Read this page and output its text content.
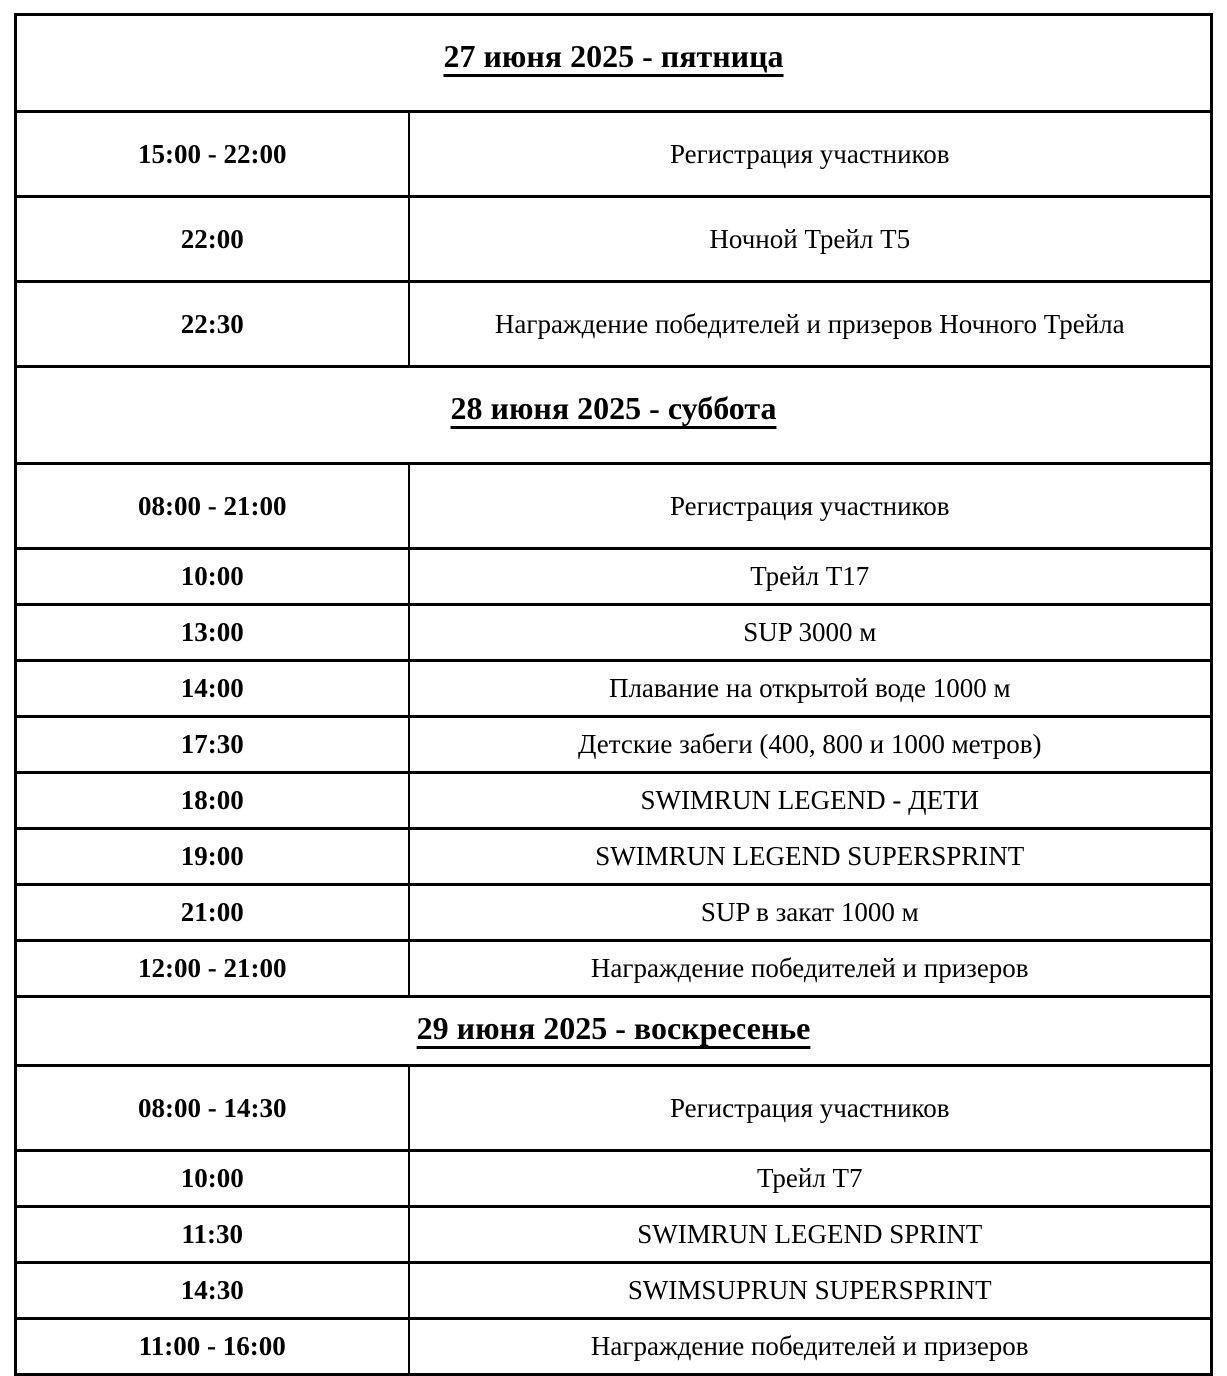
27 июня 2025 - пятница	
15:00 - 22:00	Регистрация участников
22:00	Ночной Трейл Т5
22:30	Награждение победителей и призеров Ночного Трейла
28 июня 2025 - суббота	
08:00 - 21:00	Регистрация участников
10:00	Трейл Т17
13:00	SUP 3000 м
14:00	Плавание на открытой воде 1000 м
17:30	Детские забеги (400, 800 и 1000 метров)
18:00	SWIMRUN LEGEND - ДЕТИ
19:00	SWIMRUN LEGEND SUPERSPRINT
21:00	SUP в закат 1000 м
12:00 - 21:00	Награждение победителей и призеров
29 июня 2025 - воскресенье	
08:00 - 14:30	Регистрация участников
10:00	Трейл Т7
11:30	SWIMRUN LEGEND SPRINT
14:30	SWIMSUPRUN SUPERSPRINT
11:00 - 16:00	Награждение победителей и призеров
